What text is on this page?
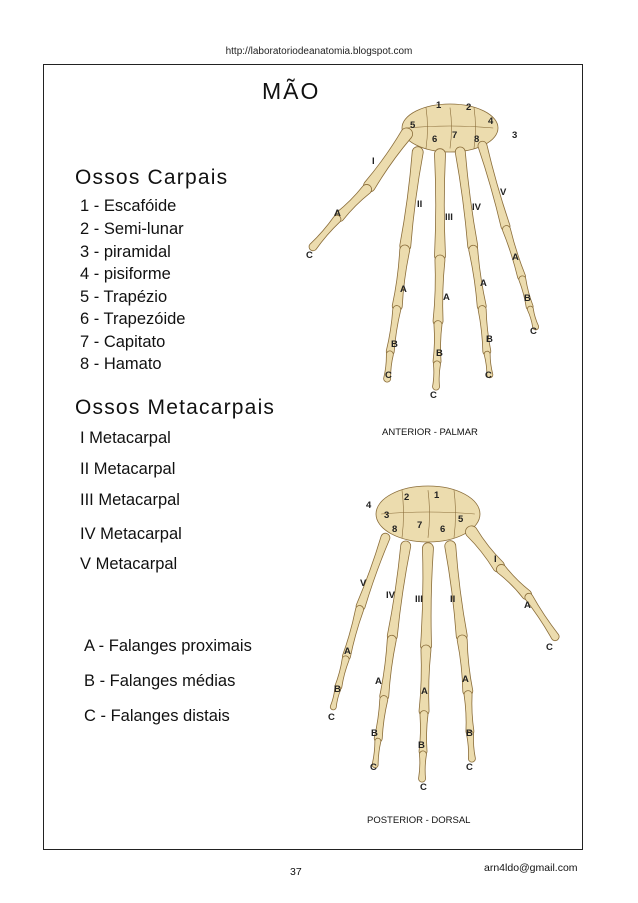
http://laboratoriodeanatomia.blogspot.com
MÃO
Ossos Carpais
1 - Escafóide
2 - Semi-lunar
3 - piramidal
4 - pisiforme
5 - Trapézio
6 - Trapezóide
7 - Capitato
8 - Hamato
Ossos Metacarpais
I Metacarpal
II Metacarpal
III Metacarpal
IV Metacarpal
V Metacarpal
A - Falanges proximais
B - Falanges médias
C - Falanges distais
1	2
3
4
5
6 7 8
I
II
III
IV
V
A
A
A
A
A
B
B
B
B
C
C
C
C
C
ANTERIOR - PALMAR
1
2
3
4
5
6
7
8
I
II
III
IV
V
A
A
A
A
A
B
B
B
B
C
C
C
C
C
POSTERIOR - DORSAL
37	arn4ldo@gmail.com
